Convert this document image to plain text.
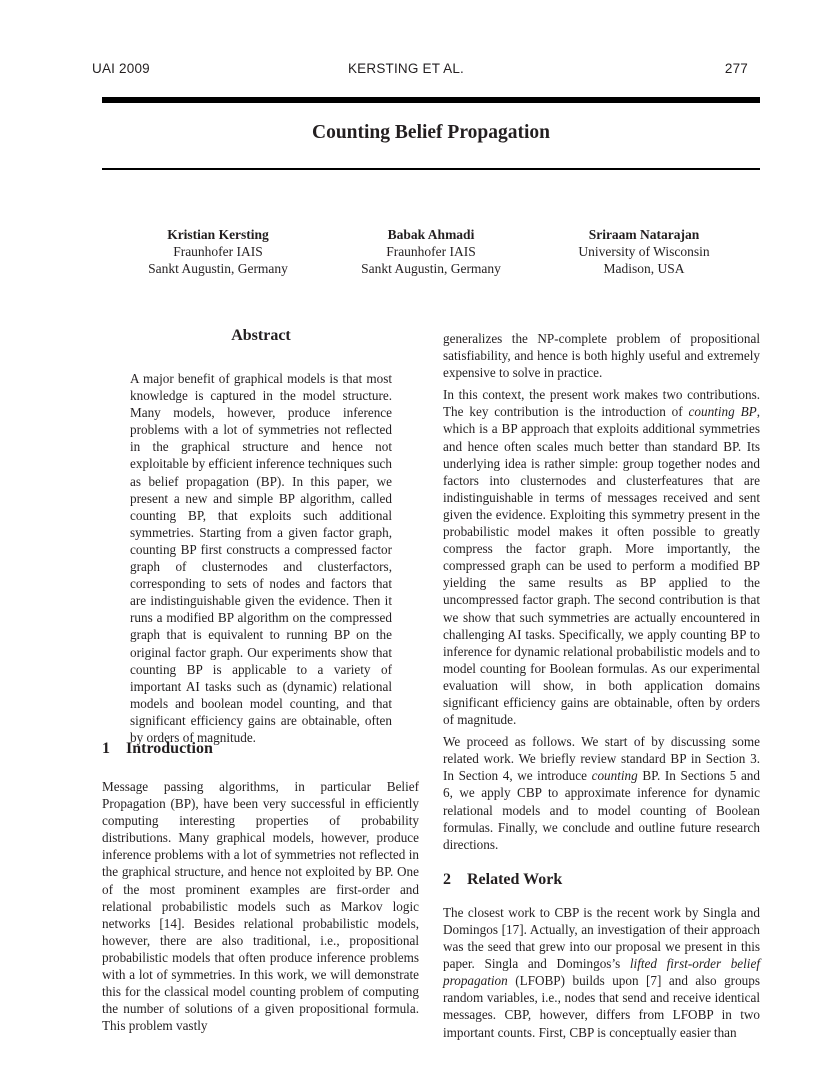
UAI 2009	KERSTING ET AL.	277
Counting Belief Propagation
Kristian Kersting
Fraunhofer IAIS
Sankt Augustin, Germany
Babak Ahmadi
Fraunhofer IAIS
Sankt Augustin, Germany
Sriraam Natarajan
University of Wisconsin
Madison, USA
Abstract
A major benefit of graphical models is that most knowledge is captured in the model structure. Many models, however, produce inference problems with a lot of symmetries not reflected in the graphical structure and hence not exploitable by efficient inference techniques such as belief propagation (BP). In this paper, we present a new and simple BP algorithm, called counting BP, that exploits such additional symmetries. Starting from a given factor graph, counting BP first constructs a compressed factor graph of clusternodes and clusterfactors, corresponding to sets of nodes and factors that are indistinguishable given the evidence. Then it runs a modified BP algorithm on the compressed graph that is equivalent to running BP on the original factor graph. Our experiments show that counting BP is applicable to a variety of important AI tasks such as (dynamic) relational models and boolean model counting, and that significant efficiency gains are obtainable, often by orders of magnitude.
1 Introduction
Message passing algorithms, in particular Belief Propagation (BP), have been very successful in efficiently computing interesting properties of probability distributions. Many graphical models, however, produce inference problems with a lot of symmetries not reflected in the graphical structure, and hence not exploited by BP. One of the most prominent examples are first-order and relational probabilistic models such as Markov logic networks [14]. Besides relational probabilistic models, however, there are also traditional, i.e., propositional probabilistic models that often produce inference problems with a lot of symmetries. In this work, we will demonstrate this for the classical model counting problem of computing the number of solutions of a given propositional formula. This problem vastly

generalizes the NP-complete problem of propositional satisfiability, and hence is both highly useful and extremely expensive to solve in practice.

In this context, the present work makes two contributions. The key contribution is the introduction of counting BP, which is a BP approach that exploits additional symmetries and hence often scales much better than standard BP. Its underlying idea is rather simple: group together nodes and factors into clusternodes and clusterfeatures that are indistinguishable in terms of messages received and sent given the evidence. Exploiting this symmetry present in the probabilistic model makes it often possible to greatly compress the factor graph. More importantly, the compressed graph can be used to perform a modified BP yielding the same results as BP applied to the uncompressed factor graph. The second contribution is that we show that such symmetries are actually encountered in challenging AI tasks. Specifically, we apply counting BP to inference for dynamic relational probabilistic models and to model counting for Boolean formulas. As our experimental evaluation will show, in both application domains significant efficiency gains are obtainable, often by orders of magnitude.

We proceed as follows. We start of by discussing some related work. We briefly review standard BP in Section 3. In Section 4, we introduce counting BP. In Sections 5 and 6, we apply CBP to approximate inference for dynamic relational models and to model counting of Boolean formulas. Finally, we conclude and outline future research directions.

2 Related Work

The closest work to CBP is the recent work by Singla and Domingos [17]. Actually, an investigation of their approach was the seed that grew into our proposal we present in this paper. Singla and Domingos’s lifted first-order belief propagation (LFOBP) builds upon [7] and also groups random variables, i.e., nodes that send and receive identical messages. CBP, however, differs from LFOBP in two important counts. First, CBP is conceptually easier than
